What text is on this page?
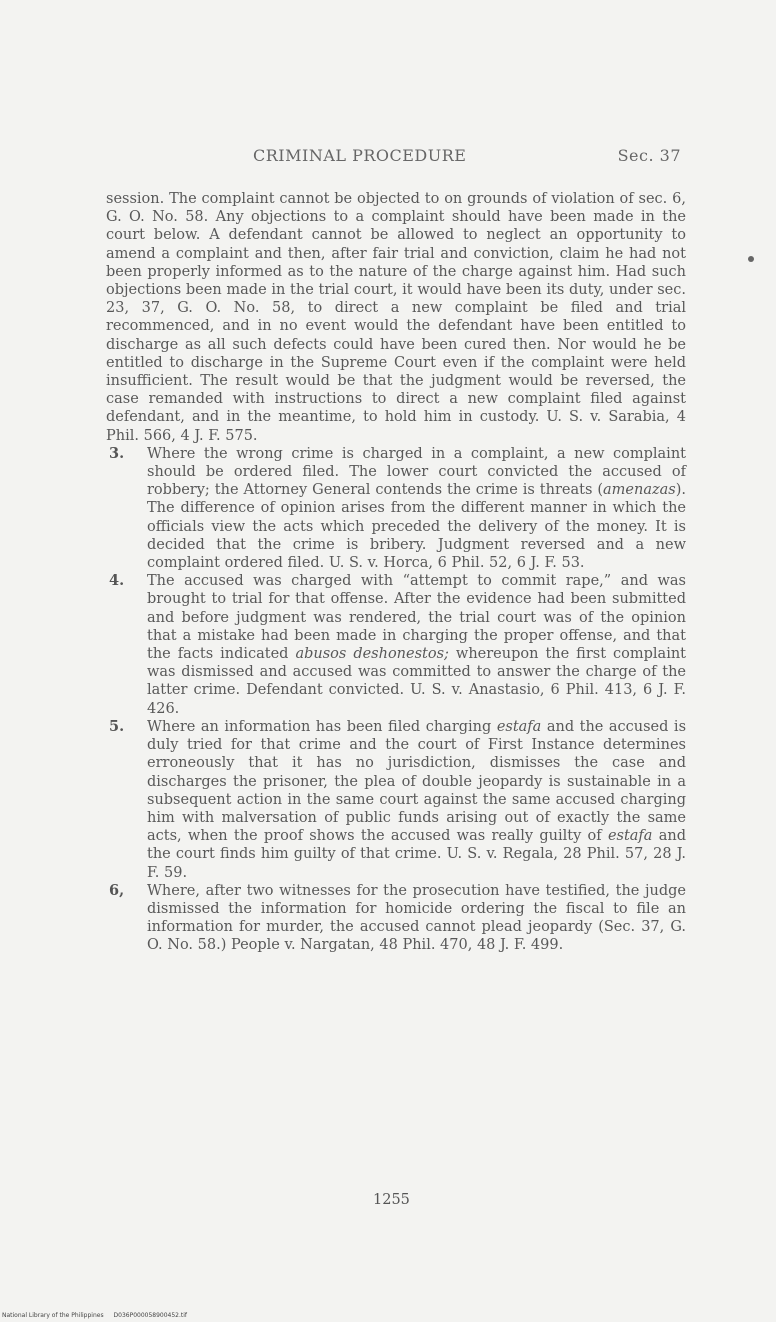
CRIMINAL PROCEDURE	Sec. 37

session. The complaint cannot be objected to on grounds of violation of sec. 6, G. O. No. 58. Any objections to a complaint should have been made in the court below. A defendant cannot be allowed to neglect an opportunity to amend a complaint and then, after fair trial and conviction, claim he had not been properly informed as to the nature of the charge against him. Had such objections been made in the trial court, it would have been its duty, under sec. 23, 37, G. O. No. 58, to direct a new complaint be filed and trial recommenced, and in no event would the defendant have been entitled to discharge as all such defects could have been cured then. Nor would he be entitled to discharge in the Supreme Court even if the complaint were held insufficient. The result would be that the judgment would be reversed, the case remanded with instructions to direct a new complaint filed against defendant, and in the meantime, to hold him in custody. U. S. v. Sarabia, 4 Phil. 566, 4 J. F. 575.

3. Where the wrong crime is charged in a complaint, a new complaint should be ordered filed. The lower court convicted the accused of robbery; the Attorney General contends the crime is threats (amenazas). The difference of opinion arises from the different manner in which the officials view the acts which preceded the delivery of the money. It is decided that the crime is bribery. Judgment reversed and a new complaint ordered filed. U. S. v. Horca, 6 Phil. 52, 6 J. F. 53.

4. The accused was charged with “attempt to commit rape,” and was brought to trial for that offense. After the evidence had been submitted and before judgment was rendered, the trial court was of the opinion that a mistake had been made in charging the proper offense, and that the facts indicated abusos deshonestos; whereupon the first complaint was dismissed and accused was committed to answer the charge of the latter crime. Defendant convicted. U. S. v. Anastasio, 6 Phil. 413, 6 J. F. 426.

5. Where an information has been filed charging estafa and the accused is duly tried for that crime and the court of First Instance determines erroneously that it has no jurisdiction, dismisses the case and discharges the prisoner, the plea of double jeopardy is sustainable in a subsequent action in the same court against the same accused charging him with malversation of public funds arising out of exactly the same acts, when the proof shows the accused was really guilty of estafa and the court finds him guilty of that crime. U. S. v. Regala, 28 Phil. 57, 28 J. F. 59.

6, Where, after two witnesses for the prosecution have testified, the judge dismissed the information for homicide ordering the fiscal to file an information for murder, the accused cannot plead jeopardy (Sec. 37, G. O. No. 58.) People v. Nargatan, 48 Phil. 470, 48 J. F. 499.

1255
National Library of the Philippines D036P000058900452.tif
